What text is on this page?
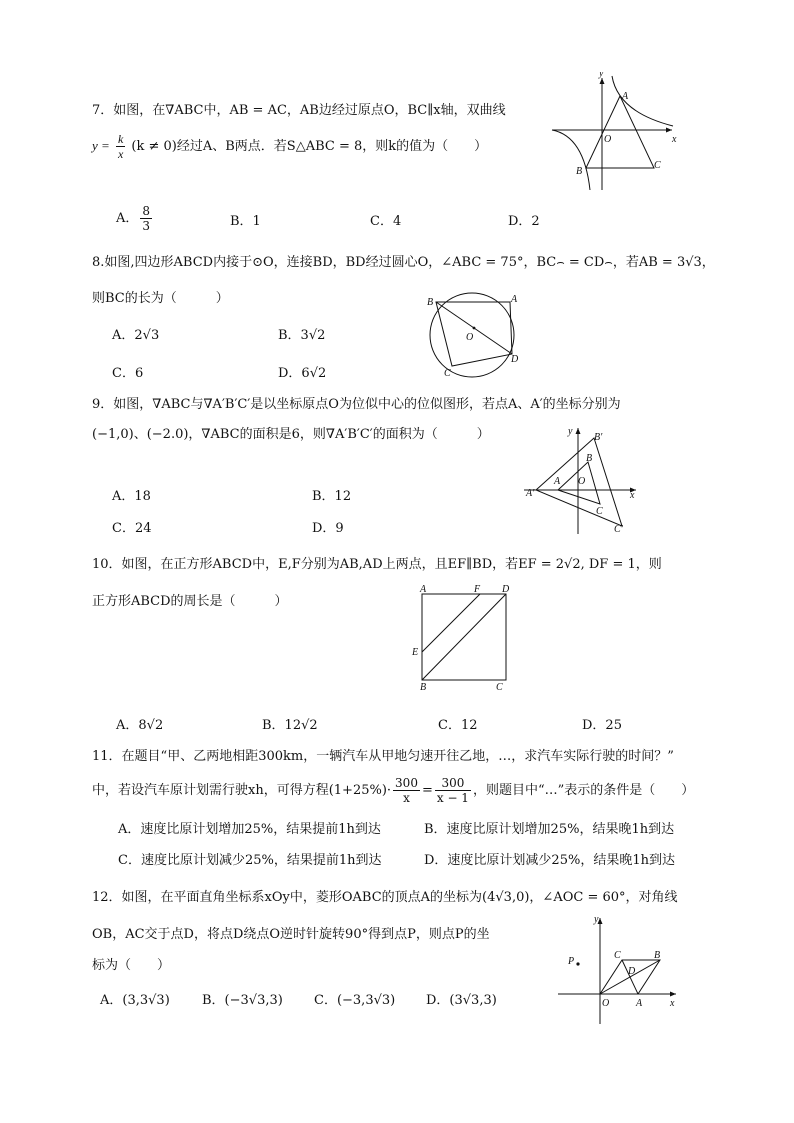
7．如图，在∇ABC中，AB = AC，AB边经过原点O，BC∥x轴，双曲线
$y = \frac{k}{x} (k \ne 0)$经过A、B两点．若S△ABC = 8，则k的值为（　　）
y
x
A
O
B
C
A． $\frac{8}{3}$	B．1	C．4	D．2
8.如图,四边形ABCD内接于⊙O，连接BD，BD经过圆心O，∠ABC = 75°，BC⌢ = CD⌢，若AB = 3√3，
则BC的长为（　　　）	B	A
O
C
D
A．2√3	B．3√2
C．6	D．6√2
9．如图，∇ABC与∇A′B′C′是以坐标原点O为位似中心的位似图形，若点A、A′的坐标分别为
(−1,0)、(−2.0)，∇ABC的面积是6，则∇A′B′C′的面积为（　　　）	y
x
B′
B
A O
A′
C
C′
A．18	B．12
C．24	D．9
10．如图，在正方形ABCD中，E,F分别为AB,AD上两点，且EF∥BD，若EF = 2√2, DF = 1，则
正方形ABCD的周长是（　　　）
A	F D
E
B	C
A．8√2	B．12√2	C．12	D．25
11．在题目“甲、乙两地相距300km，一辆汽车从甲地匀速开往乙地，…，求汽车实际行驶的时间？”
中，若设汽车原计划需行驶xh，可得方程$(1+25\%)\cdot \frac{300}{x} = \frac{300}{x - 1}$ ，则题目中“…”表示的条件是（　　）
A．速度比原计划增加25%，结果提前1h到达	B．速度比原计划增加25%，结果晚1h到达
C．速度比原计划减少25%，结果提前1h到达	D．速度比原计划减少25%，结果晚1h到达
12．如图，在平面直角坐标系xOy中，菱形OABC的顶点A的坐标为(4√3,0)，∠AOC = 60°，对角线
OB，AC交于点D，将点D绕点O逆时针旋转90°得到点P，则点P的坐
标为（　　）
y
x
P
C	B
D
O	A
A．(3,3√3) B．(−3√3,3) C．(−3,3√3) D．(3√3,3)
